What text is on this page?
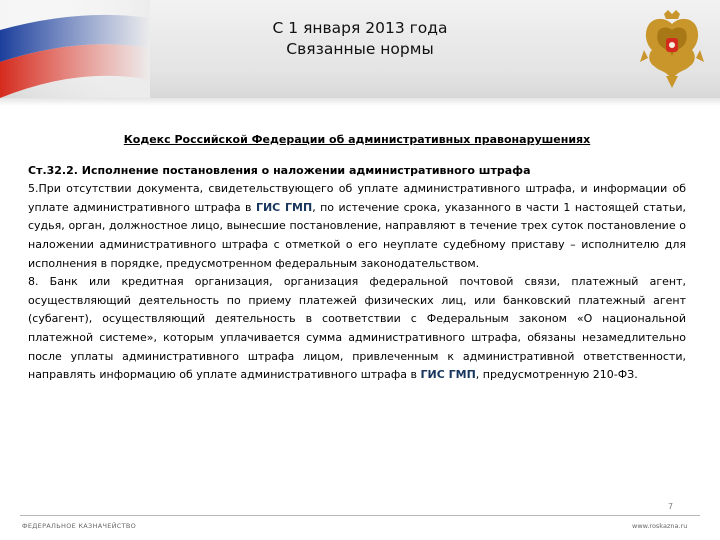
С 1 января 2013 года
Связанные нормы
Кодекс Российской Федерации об административных правонарушениях
Ст.32.2. Исполнение постановления о наложении административного штрафа
5.При отсутствии документа, свидетельствующего об уплате административного штрафа, и информации об уплате административного штрафа в ГИС ГМП, по истечение срока, указанного в части 1 настоящей статьи, судья, орган, должностное лицо, вынесшие постановление, направляют в течение трех суток постановление о наложении административного штрафа с отметкой о его неуплате судебному приставу – исполнителю для исполнения в порядке, предусмотренном федеральным законодательством.
8. Банк или кредитная организация, организация федеральной почтовой связи, платежный агент, осуществляющий деятельность по приему платежей физических лиц, или банковский платежный агент (субагент), осуществляющий деятельность в соответствии с Федеральным законом «О национальной платежной системе», которым уплачивается сумма административного штрафа, обязаны незамедлительно после уплаты административного штрафа лицом, привлеченным к административной ответственности, направлять информацию об уплате административного штрафа в ГИС ГМП, предусмотренную 210-ФЗ.
7
ФЕДЕРАЛЬНОЕ КАЗНАЧЕЙСТВО	www.roskazna.ru
